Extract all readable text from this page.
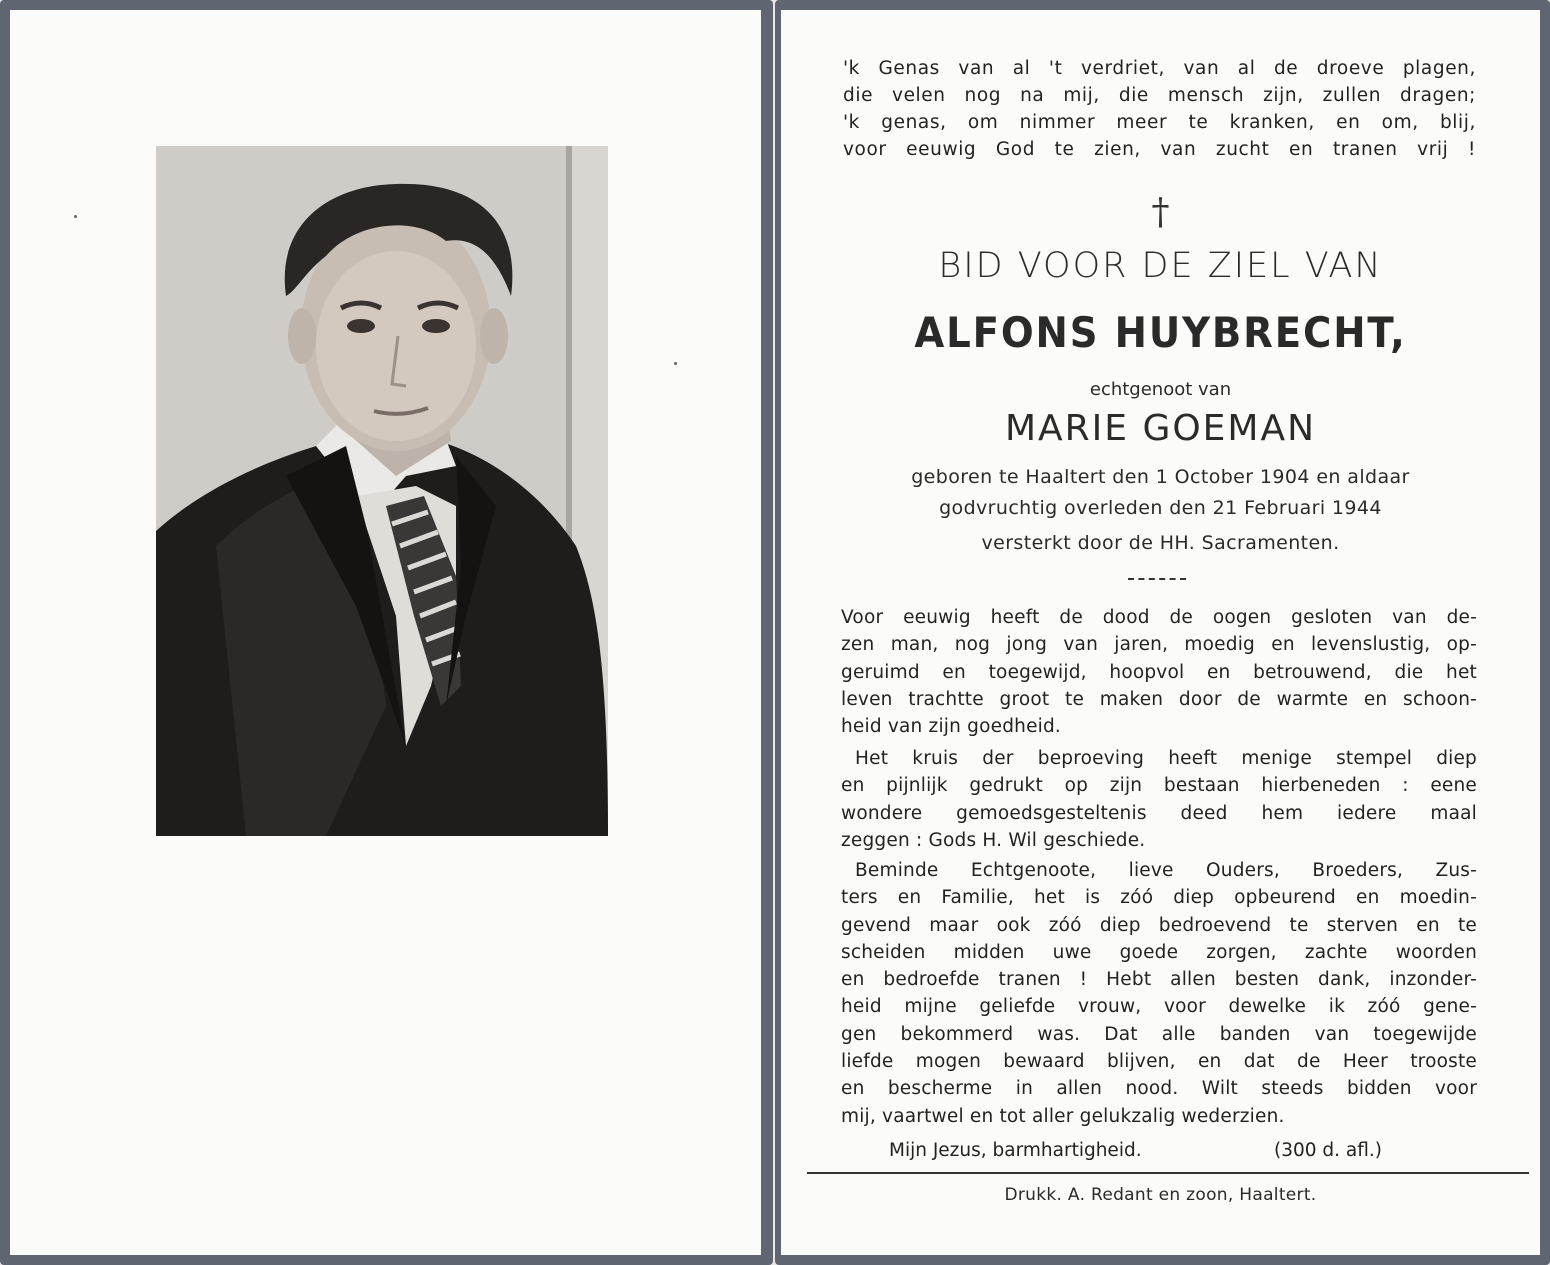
'k Genas van al 't verdriet, van al de droeve plagen,
die velen nog na mij, die mensch zijn, zullen dragen;
'k genas, om nimmer meer te kranken, en om, blij,
voor eeuwig God te zien, van zucht en tranen vrij !
†
BID VOOR DE ZIEL VAN
ALFONS HUYBRECHT,
echtgenoot van
MARIE GOEMAN
geboren te Haaltert den 1 October 1904 en aldaar
godvruchtig overleden den 21 Februari 1944
versterkt door de HH. Sacramenten.
Voor eeuwig heeft de dood de oogen gesloten van de-
zen man, nog jong van jaren, moedig en levenslustig, op-
geruimd en toegewijd, hoopvol en betrouwend, die het
leven trachtte groot te maken door de warmte en schoon-
heid van zijn goedheid.
Het kruis der beproeving heeft menige stempel diep
en pijnlijk gedrukt op zijn bestaan hierbeneden : eene
wondere gemoedsgesteltenis deed hem iedere maal
zeggen : Gods H. Wil geschiede.
Beminde Echtgenoote, lieve Ouders, Broeders, Zus-
ters en Familie, het is zóó diep opbeurend en moedin-
gevend maar ook zóó diep bedroevend te sterven en te
scheiden midden uwe goede zorgen, zachte woorden
en bedroefde tranen ! Hebt allen besten dank, inzonder-
heid mijne geliefde vrouw, voor dewelke ik zóó gene-
gen bekommerd was. Dat alle banden van toegewijde
liefde mogen bewaard blijven, en dat de Heer trooste
en bescherme in allen nood. Wilt steeds bidden voor
mij, vaartwel en tot aller gelukzalig wederzien.
Mijn Jezus, barmhartigheid.	(300 d. afl.)
Drukk. A. Redant en zoon, Haaltert.
